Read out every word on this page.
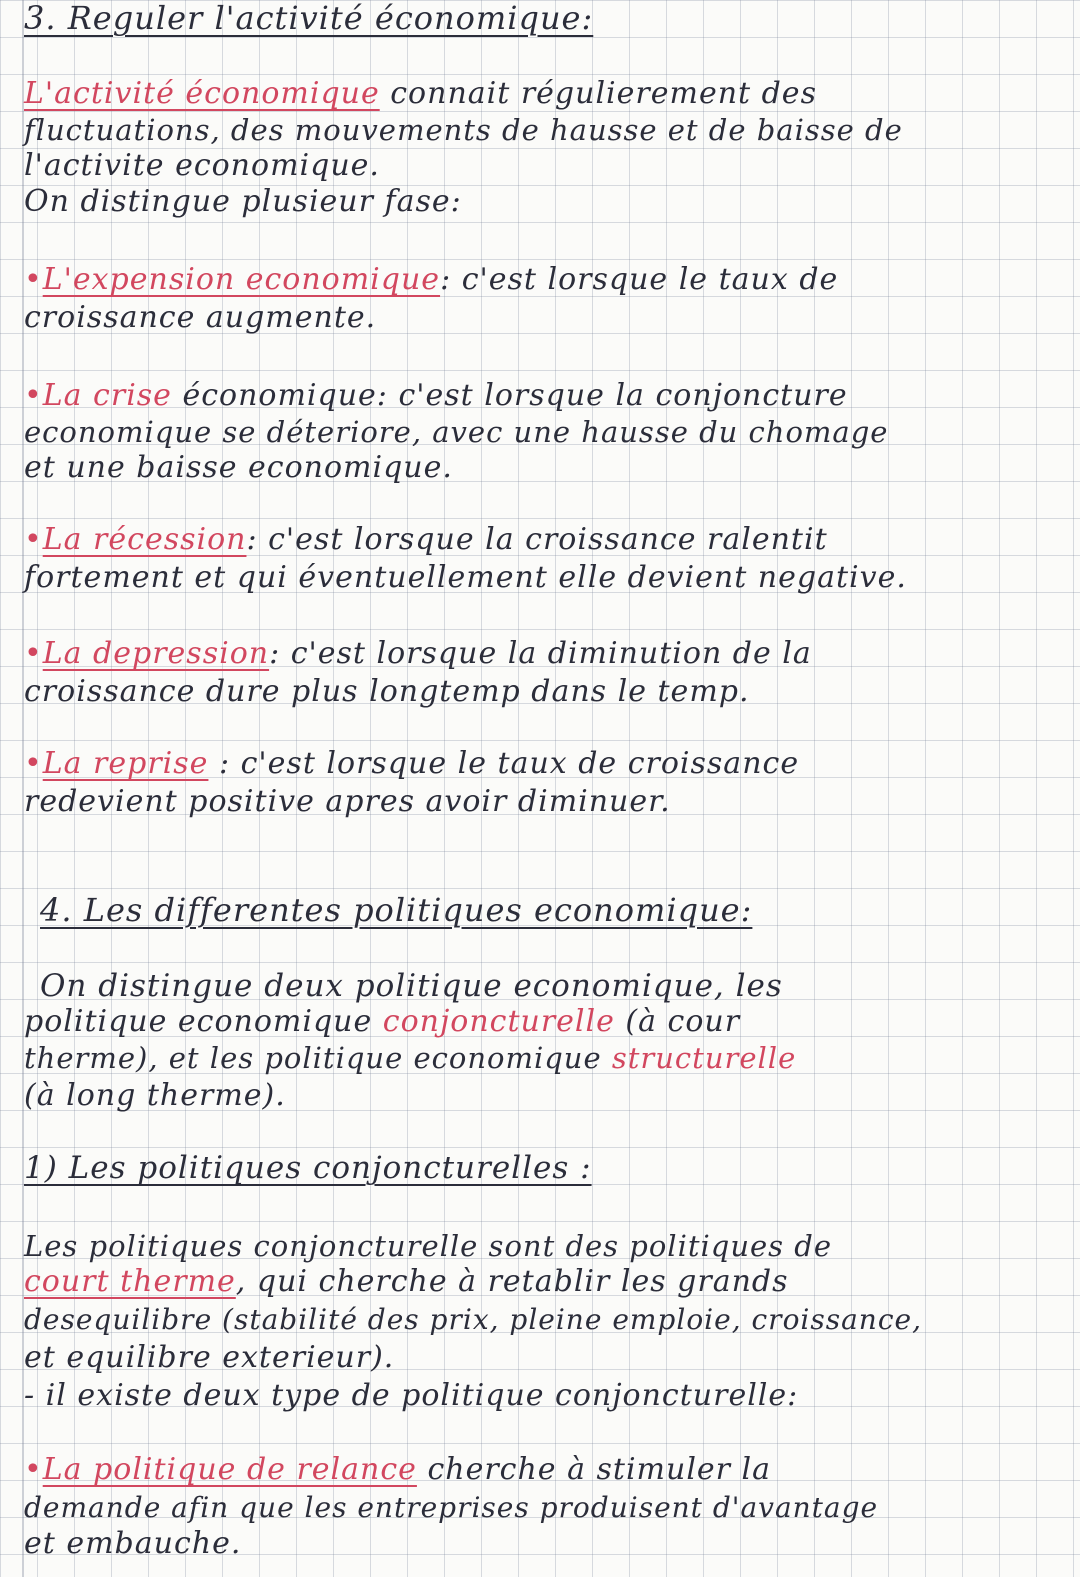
3. Reguler l'activité économique:
L'activité économique connait régulierement des
fluctuations, des mouvements de hausse et de baisse de
l'activite economique.
On distingue plusieur fase:
•L'expension economique: c'est lorsque le taux de
croissance augmente.
•La crise économique: c'est lorsque la conjoncture
economique se déteriore, avec une hausse du chomage
et une baisse economique.
•La récession: c'est lorsque la croissance ralentit
fortement et qui éventuellement elle devient negative.
•La depression: c'est lorsque la diminution de la
croissance dure plus longtemp dans le temp.
•La reprise : c'est lorsque le taux de croissance
redevient positive apres avoir diminuer.
4. Les differentes politiques economique:
On distingue deux politique economique, les
politique economique conjoncturelle (à cour
therme), et les politique economique structurelle
(à long therme).
1) Les politiques conjoncturelles :
Les politiques conjoncturelle sont des politiques de
court therme, qui cherche à retablir les grands
desequilibre (stabilité des prix, pleine emploie, croissance,
et equilibre exterieur).
- il existe deux type de politique conjoncturelle:
•La politique de relance cherche à stimuler la
demande afin que les entreprises produisent d'avantage
et embauche.
